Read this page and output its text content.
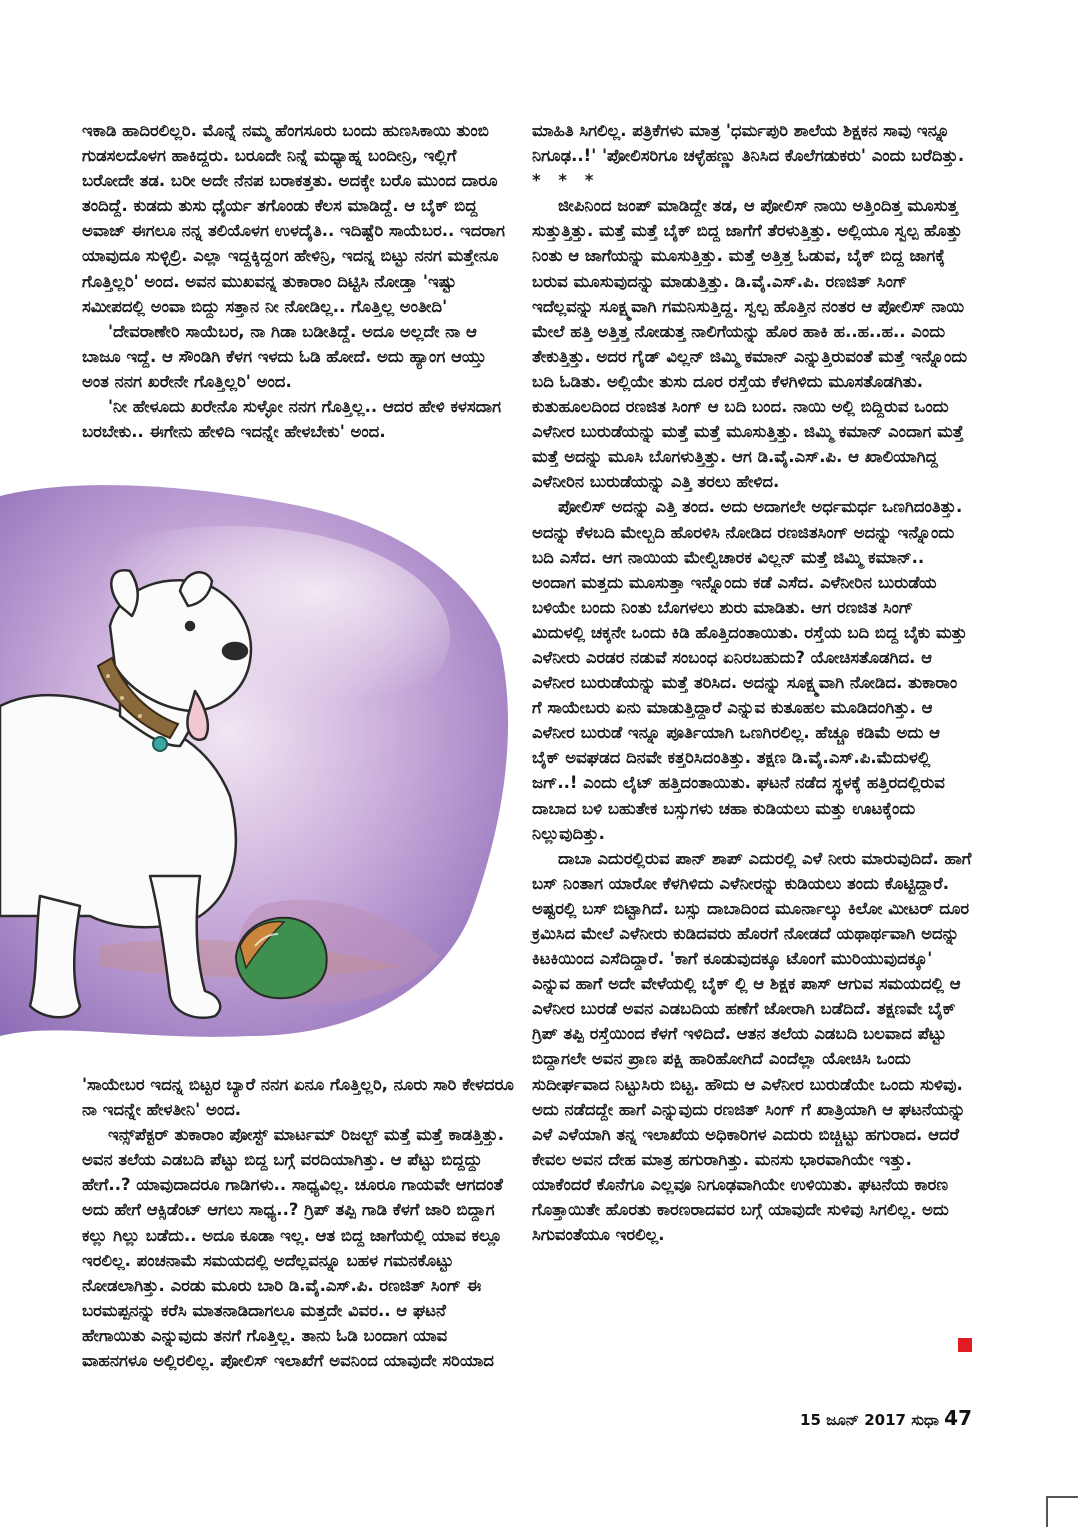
ಇಕಾಡಿ ಹಾದಿರಲಿಲ್ಲರಿ. ಮೊನ್ನೆ ನಮ್ಮ ಹೆಂಗಸೂರು ಬಂದು ಹುಣಸಿಕಾಯಿ ತುಂಬಿ ಗುಡಸಲದೊಳಗ ಹಾಕಿದ್ದರು. ಬರೂದೇ ನಿನ್ನೆ ಮಧ್ಯಾಹ್ನ ಬಂದೀನ್ರಿ, ಇಲ್ಲಿಗೆ ಬರೋದೇ ತಡ. ಬರೀ ಅದೇ ನೆನಪ ಬರಾಕತ್ತತು. ಅದಕ್ಕೇ ಬರೊ ಮುಂದ ದಾರೂ ತಂದಿದ್ದೆ. ಕುಡದು ತುಸು ಧೈರ್ಯ ತಗೊಂಡು ಕೆಲಸ ಮಾಡಿದ್ದೆ. ಆ ಬೈಕ್ ಬಿದ್ದ ಅವಾಜ್ ಈಗಲೂ ನನ್ನ ತಲಿಯೊಳಗ ಉಳದೈತಿ.. ಇದಿಷ್ಟೆರಿ ಸಾಯೆಬರ.. ಇದರಾಗ ಯಾವುದೂ ಸುಳ್ಳಿಲ್ರಿ. ಎಲ್ಲಾ ಇದ್ದಕ್ಕಿದ್ದಂಗ ಹೇಳಿನ್ರಿ, ಇದನ್ನ ಬಿಟ್ಟು ನನಗ ಮತ್ತೇನೂ ಗೊತ್ತಿಲ್ಲರಿ' ಅಂದ. ಅವನ ಮುಖವನ್ನ ತುಕಾರಾಂ ದಿಟ್ಟಿಸಿ ನೋಡ್ತಾ 'ಇಷ್ಟು ಸಮೀಪದಲ್ಲಿ ಅಂವಾ ಬಿದ್ದು ಸತ್ತಾನ ನೀ ನೋಡಿಲ್ಲ.. ಗೊತ್ತಿಲ್ಲ ಅಂತೀದಿ'

'ದೇವರಾಣೇರಿ ಸಾಯೆಬರ, ನಾ ಗಿಡಾ ಬಡೀತಿದ್ದೆ. ಅದೂ ಅಲ್ಲದೇ ನಾ ಆ ಬಾಜೂ ಇದ್ದೆ. ಆ ಸೌಂಡಿಗಿ ಕೆಳಗ ಇಳದು ಓಡಿ ಹೋದೆ. ಅದು ಹ್ಯಾಂಗ ಆಯ್ತು ಅಂತ ನನಗ ಖರೇನೇ ಗೊತ್ತಿಲ್ಲರಿ' ಅಂದ.

'ನೀ ಹೇಳೂದು ಖರೇನೊ ಸುಳ್ಳೋ ನನಗ ಗೊತ್ತಿಲ್ಲ.. ಆದರ ಹೇಳಿ ಕಳಸದಾಗ ಬರಬೇಕು.. ಈಗೇನು ಹೇಳಿದಿ ಇದನ್ನೇ ಹೇಳಬೇಕು' ಅಂದ.

'ಸಾಯೇಬರ ಇದನ್ನ ಬಿಟ್ಟರ ಬ್ಯಾರೆ ನನಗ ಏನೂ ಗೊತ್ತಿಲ್ಲರಿ, ನೂರು ಸಾರಿ ಕೇಳದರೂ ನಾ ಇದನ್ನೇ ಹೇಳತೀನಿ' ಅಂದ.

ಇನ್ಸ್‌ಪೆಕ್ಟರ್ ತುಕಾರಾಂ ಪೋಸ್ಟ್ ಮಾರ್ಟಮ್ ರಿಜಲ್ಟ್ ಮತ್ತೆ ಮತ್ತೆ ಕಾಡತ್ತಿತ್ತು. ಅವನ ತಲೆಯ ಎಡಬದಿ ಪೆಟ್ಟು ಬಿದ್ದ ಬಗ್ಗೆ ವರದಿಯಾಗಿತ್ತು. ಆ ಪೆಟ್ಟು ಬಿದ್ದದ್ದು ಹೇಗೆ..? ಯಾವುದಾದರೂ ಗಾಡಿಗಳು.. ಸಾಧ್ಯವಿಲ್ಲ. ಚೂರೂ ಗಾಯವೇ ಆಗದಂತೆ ಅದು ಹೇಗೆ ಆಕ್ಸಿಡೆಂಟ್ ಆಗಲು ಸಾಧ್ಯ..? ಗ್ರಿಪ್ ತಪ್ಪಿ ಗಾಡಿ ಕೆಳಗೆ ಜಾರಿ ಬಿದ್ದಾಗ ಕಲ್ಲು ಗಿಲ್ಲು ಬಡೆದು.. ಅದೂ ಕೂಡಾ ಇಲ್ಲ. ಆತ ಬಿದ್ದ ಜಾಗೆಯಲ್ಲಿ ಯಾವ ಕಲ್ಲೂ ಇರಲಿಲ್ಲ. ಪಂಚನಾಮೆ ಸಮಯದಲ್ಲಿ ಅದೆಲ್ಲವನ್ನೂ ಬಹಳ ಗಮನಕೊಟ್ಟು ನೋಡಲಾಗಿತ್ತು. ಎರಡು ಮೂರು ಬಾರಿ ಡಿ.ವೈ.ಎಸ್.ಪಿ. ರಣಜಿತ್ ಸಿಂಗ್ ಈ ಬರಮಪ್ಪನನ್ನು ಕರೆಸಿ ಮಾತನಾಡಿದಾಗಲೂ ಮತ್ತದೇ ವಿವರ.. ಆ ಘಟನೆ ಹೇಗಾಯಿತು ಎನ್ನುವುದು ತನಗೆ ಗೊತ್ತಿಲ್ಲ. ತಾನು ಓಡಿ ಬಂದಾಗ ಯಾವ ವಾಹನಗಳೂ ಅಲ್ಲಿರಲಿಲ್ಲ. ಪೋಲಿಸ್ ಇಲಾಖೆಗೆ ಅವನಿಂದ ಯಾವುದೇ ಸರಿಯಾದ

ಮಾಹಿತಿ ಸಿಗಲಿಲ್ಲ. ಪತ್ರಿಕೆಗಳು ಮಾತ್ರ 'ಧರ್ಮಪುರಿ ಶಾಲೆಯ ಶಿಕ್ಷಕನ ಸಾವು ಇನ್ನೂ ನಿಗೂಢ..!' 'ಪೋಲಿಸರಿಗೂ ಚಳ್ಳೆಹಣ್ಣು ತಿನಿಸಿದ ಕೊಲೆಗಡುಕರು' ಎಂದು ಬರೆದಿತ್ತು.

* * *

ಜೀಪಿನಿಂದ ಜಂಪ್ ಮಾಡಿದ್ದೇ ತಡ, ಆ ಪೋಲಿಸ್ ನಾಯಿ ಅತ್ತಿಂದಿತ್ತ ಮೂಸುತ್ತ ಸುತ್ತುತ್ತಿತ್ತು. ಮತ್ತೆ ಮತ್ತೆ ಬೈಕ್ ಬಿದ್ದ ಜಾಗೆಗೆ ತೆರಳುತ್ತಿತ್ತು. ಅಲ್ಲಿಯೂ ಸ್ವಲ್ಪ ಹೊತ್ತು ನಿಂತು ಆ ಜಾಗೆಯನ್ನು ಮೂಸುತ್ತಿತ್ತು. ಮತ್ತೆ ಅತ್ತಿತ್ತ ಓಡುವ, ಬೈಕ್ ಬಿದ್ದ ಜಾಗಕ್ಕೆ ಬರುವ ಮೂಸುವುದನ್ನು ಮಾಡುತ್ತಿತ್ತು. ಡಿ.ವೈ.ಎಸ್.ಪಿ. ರಣಜಿತ್ ಸಿಂಗ್ ಇದೆಲ್ಲವನ್ನು ಸೂಕ್ಷ್ಮವಾಗಿ ಗಮನಿಸುತ್ತಿದ್ದ. ಸ್ವಲ್ಪ ಹೊತ್ತಿನ ನಂತರ ಆ ಪೋಲಿಸ್ ನಾಯಿ ಮೇಲೆ ಹತ್ತಿ ಅತ್ತಿತ್ತ ನೋಡುತ್ತ ನಾಲಿಗೆಯನ್ನು ಹೊರ ಹಾಕಿ ಹ..ಹ..ಹ.. ಎಂದು ತೇಕುತ್ತಿತ್ತು. ಅದರ ಗೈಡ್ ವಿಲ್ಲನ್ ಜಿಮ್ಮಿ ಕಮಾನ್ ಎನ್ನುತ್ತಿರುವಂತೆ ಮತ್ತೆ ಇನ್ನೊಂದು ಬದಿ ಓಡಿತು. ಅಲ್ಲಿಯೇ ತುಸು ದೂರ ರಸ್ತೆಯ ಕೆಳಗಿಳಿದು ಮೂಸತೊಡಗಿತು. ಕುತುಹೂಲದಿಂದ ರಣಜಿತ ಸಿಂಗ್ ಆ ಬದಿ ಬಂದ. ನಾಯಿ ಅಲ್ಲಿ ಬಿದ್ದಿರುವ ಒಂದು ಎಳೆನೀರ ಬುರುಡೆಯನ್ನು ಮತ್ತೆ ಮತ್ತೆ ಮೂಸುತ್ತಿತ್ತು. ಜಿಮ್ಮಿ ಕಮಾನ್ ಎಂದಾಗ ಮತ್ತೆ ಮತ್ತೆ ಅದನ್ನು ಮೂಸಿ ಬೊಗಳುತ್ತಿತ್ತು. ಆಗ ಡಿ.ವೈ.ಎಸ್.ಪಿ. ಆ ಖಾಲಿಯಾಗಿದ್ದ ಎಳೆನೀರಿನ ಬುರುಡೆಯನ್ನು ಎತ್ತಿ ತರಲು ಹೇಳಿದ.

ಪೋಲಿಸ್ ಅದನ್ನು ಎತ್ತಿ ತಂದ. ಅದು ಅದಾಗಲೇ ಅರ್ಧಮರ್ಧ ಒಣಗಿದಂತಿತ್ತು. ಅದನ್ನು ಕೆಳಬದಿ ಮೇಲ್ಬದಿ ಹೊರಳಿಸಿ ನೋಡಿದ ರಣಜಿತಸಿಂಗ್ ಅದನ್ನು ಇನ್ನೊಂದು ಬದಿ ಎಸೆದ. ಆಗ ನಾಯಿಯ ಮೇಲ್ವಿಚಾರಕ ವಿಲ್ಲನ್ ಮತ್ತೆ ಜಿಮ್ಮಿ ಕಮಾನ್.. ಅಂದಾಗ ಮತ್ತದು ಮೂಸುತ್ತಾ ಇನ್ನೊಂದು ಕಡೆ ಎಸೆದ. ಎಳೆನೀರಿನ ಬುರುಡೆಯ ಬಳಿಯೇ ಬಂದು ನಿಂತು ಬೊಗಳಲು ಶುರು ಮಾಡಿತು. ಆಗ ರಣಜಿತ ಸಿಂಗ್ ಮಿದುಳಲ್ಲಿ ಚಕ್ಕನೇ ಒಂದು ಕಿಡಿ ಹೊತ್ತಿದಂತಾಯಿತು. ರಸ್ತೆಯ ಬದಿ ಬಿದ್ದ ಬೈಕು ಮತ್ತು ಎಳೆನೀರು ಎರಡರ ನಡುವೆ ಸಂಬಂಧ ಏನಿರಬಹುದು? ಯೋಚಿಸತೊಡಗಿದ. ಆ ಎಳೆನೀರ ಬುರುಡೆಯನ್ನು ಮತ್ತೆ ತರಿಸಿದ. ಅದನ್ನು ಸೂಕ್ಷ್ಮವಾಗಿ ನೋಡಿದ. ತುಕಾರಾಂ ಗೆ ಸಾಯೇಬರು ಏನು ಮಾಡುತ್ತಿದ್ದಾರೆ ಎನ್ನುವ ಕುತೂಹಲ ಮೂಡಿದಂಗಿತ್ತು. ಆ ಎಳೆನೀರ ಬುರುಡೆ ಇನ್ನೂ ಪೂರ್ತಿಯಾಗಿ ಒಣಗಿರಲಿಲ್ಲ. ಹೆಚ್ಚೂ ಕಡಿಮೆ ಅದು ಆ ಬೈಕ್ ಅವಘಡದ ದಿನವೇ ಕತ್ತರಿಸಿದಂತಿತ್ತು. ತಕ್ಷಣ ಡಿ.ವೈ.ಎಸ್.ಪಿ.ಮೆದುಳಲ್ಲಿ ಜಗ್..! ಎಂದು ಲೈಟ್ ಹತ್ತಿದಂತಾಯಿತು. ಘಟನೆ ನಡೆದ ಸ್ಥಳಕ್ಕೆ ಹತ್ತಿರದಲ್ಲಿರುವ ದಾಬಾದ ಬಳಿ ಬಹುತೇಕ ಬಸ್ಸುಗಳು ಚಹಾ ಕುಡಿಯಲು ಮತ್ತು ಊಟಕ್ಕೆಂದು ನಿಲ್ಲುವುದಿತ್ತು.

ದಾಬಾ ಎದುರಲ್ಲಿರುವ ಪಾನ್ ಶಾಪ್ ಎದುರಲ್ಲಿ ಎಳೆ ನೀರು ಮಾರುವುದಿದೆ. ಹಾಗೆ ಬಸ್ ನಿಂತಾಗ ಯಾರೋ ಕೆಳಗಿಳಿದು ಎಳೆನೀರನ್ನು ಕುಡಿಯಲು ತಂದು ಕೊಟ್ಟಿದ್ದಾರೆ. ಅಷ್ಟರಲ್ಲಿ ಬಸ್ ಬಿಟ್ಟಾಗಿದೆ. ಬಸ್ಸು ದಾಬಾದಿಂದ ಮೂರ್ನಾಲ್ಕು ಕಿಲೋ ಮೀಟರ್ ದೂರ ಕ್ರಮಿಸಿದ ಮೇಲೆ ಎಳೆನೀರು ಕುಡಿದವರು ಹೊರಗೆ ನೋಡದೆ ಯಥಾರ್ಥವಾಗಿ ಅದನ್ನು ಕಿಟಕಿಯಿಂದ ಎಸೆದಿದ್ದಾರೆ. 'ಕಾಗೆ ಕೂಡುವುದಕ್ಕೂ ಟೊಂಗೆ ಮುರಿಯುವುದಕ್ಕೂ' ಎನ್ನುವ ಹಾಗೆ ಅದೇ ವೇಳೆಯಲ್ಲಿ ಬೈಕ್ ಲ್ಲಿ ಆ ಶಿಕ್ಷಕ ಪಾಸ್ ಆಗುವ ಸಮಯದಲ್ಲಿ ಆ ಎಳೆನೀರ ಬುರಡೆ ಅವನ ಎಡಬದಿಯ ಹಣೆಗೆ ಜೋರಾಗಿ ಬಡೆದಿದೆ. ತಕ್ಷಣವೇ ಬೈಕ್ ಗ್ರಿಪ್ ತಪ್ಪಿ ರಸ್ತೆಯಿಂದ ಕೆಳಗೆ ಇಳಿದಿದೆ. ಆತನ ತಲೆಯ ಎಡಬದಿ ಬಲವಾದ ಪೆಟ್ಟು ಬಿದ್ದಾಗಲೇ ಅವನ ಪ್ರಾಣ ಪಕ್ಷಿ ಹಾರಿಹೋಗಿದೆ ಎಂದೆಲ್ಲಾ ಯೋಚಿಸಿ ಒಂದು ಸುದೀರ್ಘವಾದ ನಿಟ್ಟುಸಿರು ಬಿಟ್ಟ. ಹೌದು ಆ ಎಳೆನೀರ ಬುರುಡೆಯೇ ಒಂದು ಸುಳಿವು. ಅದು ನಡೆದದ್ದೇ ಹಾಗೆ ಎನ್ನುವುದು ರಣಜಿತ್ ಸಿಂಗ್ ಗೆ ಖಾತ್ರಿಯಾಗಿ ಆ ಘಟನೆಯನ್ನು ಎಳೆ ಎಳೆಯಾಗಿ ತನ್ನ ಇಲಾಖೆಯ ಅಧಿಕಾರಿಗಳ ಎದುರು ಬಿಚ್ಚಿಟ್ಟು ಹಗುರಾದ. ಆದರೆ ಕೇವಲ ಅವನ ದೇಹ ಮಾತ್ರ ಹಗುರಾಗಿತ್ತು. ಮನಸು ಭಾರವಾಗಿಯೇ ಇತ್ತು. ಯಾಕೆಂದರೆ ಕೊನೆಗೂ ಎಲ್ಲವೂ ನಿಗೂಢವಾಗಿಯೇ ಉಳಿಯಿತು. ಘಟನೆಯ ಕಾರಣ ಗೊತ್ತಾಯಿತೇ ಹೊರತು ಕಾರಣರಾದವರ ಬಗ್ಗೆ ಯಾವುದೇ ಸುಳಿವು ಸಿಗಲಿಲ್ಲ. ಅದು ಸಿಗುವಂತೆಯೂ ಇರಲಿಲ್ಲ.

15 ಜೂನ್ 2017 ಸುಧಾ 47
